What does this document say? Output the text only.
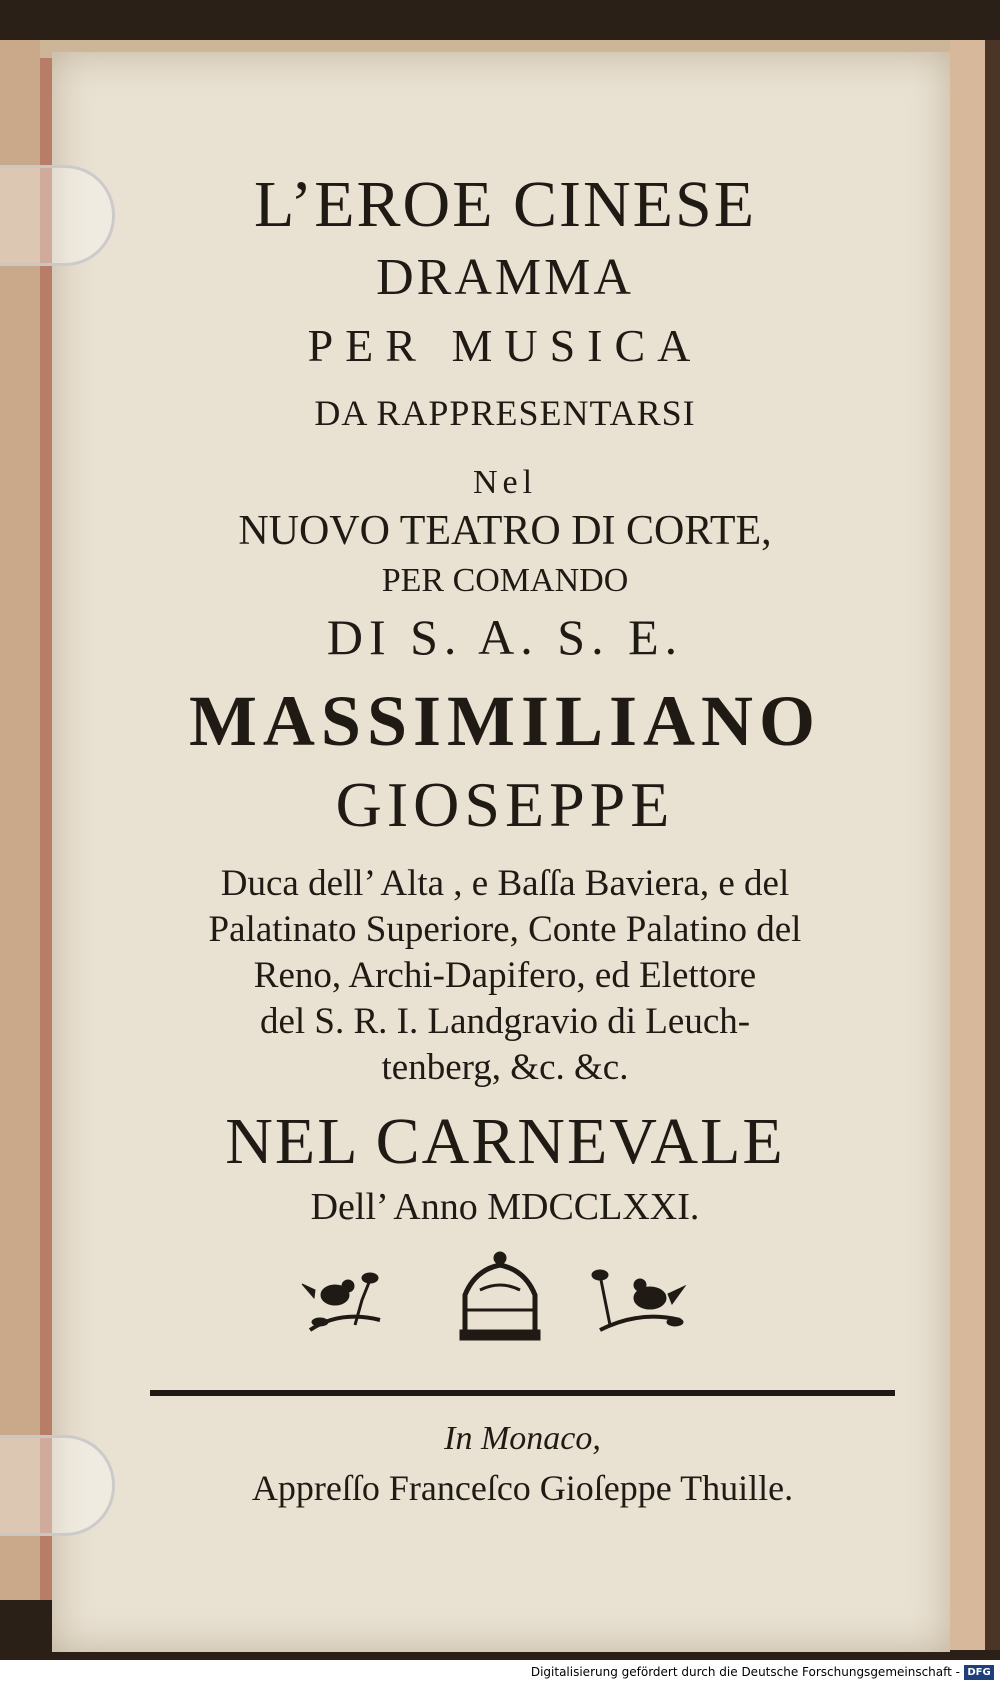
L’EROE CINESE
DRAMMA
PER MUSICA
DA RAPPRESENTARSI
Nel
NUOVO TEATRO DI CORTE,
PER COMANDO
DI S. A. S. E.
MASSIMILIANO
GIOSEPPE
Duca dell’ Alta , e Baſſa Baviera, e del
Palatinato Superiore, Conte Palatino del
Reno, Archi-Dapifero, ed Elettore
del S. R. I. Landgravio di Leuch-
tenberg, &c. &c.
NEL CARNEVALE
Dell’ Anno MDCCLXXI.
In Monaco,
Appreſſo Franceſco Gioſeppe Thuille.
Digitalisierung gefördert durch die Deutsche Forschungsgemeinschaft - DFG
